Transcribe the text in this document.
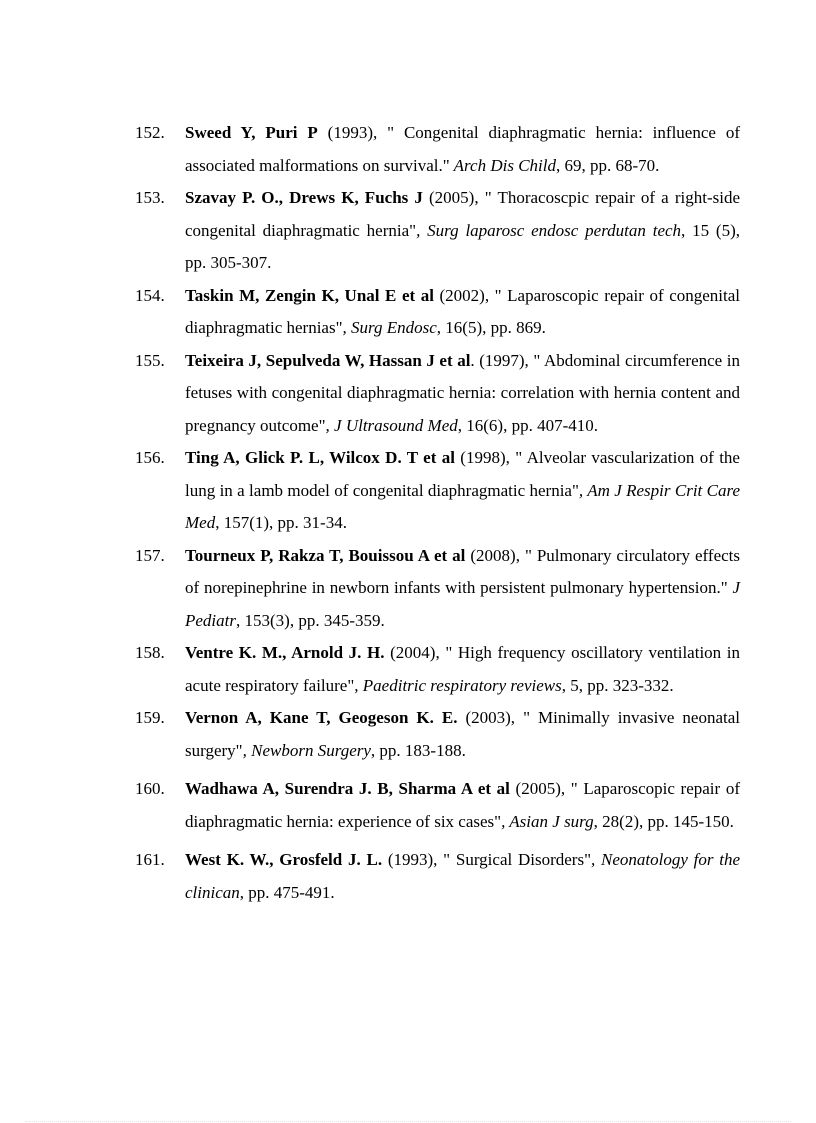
152.	Sweed Y, Puri P (1993), " Congenital diaphragmatic hernia: influence of associated malformations on survival." Arch Dis Child, 69, pp. 68-70.
153.	Szavay P. O., Drews K, Fuchs J (2005), " Thoracoscpic repair of a right-side congenital diaphragmatic hernia", Surg laparosc endosc perdutan tech, 15 (5), pp. 305-307.
154.	Taskin M, Zengin K, Unal E et al (2002), " Laparoscopic repair of congenital diaphragmatic hernias", Surg Endosc, 16(5), pp. 869.
155.	Teixeira J, Sepulveda W, Hassan J et al. (1997), " Abdominal circumference in fetuses with congenital diaphragmatic hernia: correlation with hernia content and pregnancy outcome", J Ultrasound Med, 16(6), pp. 407-410.
156.	Ting A, Glick P. L, Wilcox D. T et al (1998), " Alveolar vascularization of the lung in a lamb model of congenital diaphragmatic hernia", Am J Respir Crit Care Med, 157(1), pp. 31-34.
157.	Tourneux P, Rakza T, Bouissou A et al (2008), " Pulmonary circulatory effects of norepinephrine in newborn infants with persistent pulmonary hypertension." J Pediatr, 153(3), pp. 345-359.
158.	Ventre K. M., Arnold J. H. (2004), " High frequency oscillatory ventilation in acute respiratory failure", Paeditric respiratory reviews, 5, pp. 323-332.
159.	Vernon A, Kane T, Geogeson K. E. (2003), " Minimally invasive neonatal surgery", Newborn Surgery, pp. 183-188.
160.	Wadhawa A, Surendra J. B, Sharma A et al (2005), " Laparoscopic repair of diaphragmatic hernia: experience of six cases", Asian J surg, 28(2), pp. 145-150.
161.	West K. W., Grosfeld J. L. (1993), " Surgical Disorders", Neonatology for the clinican, pp. 475-491.
